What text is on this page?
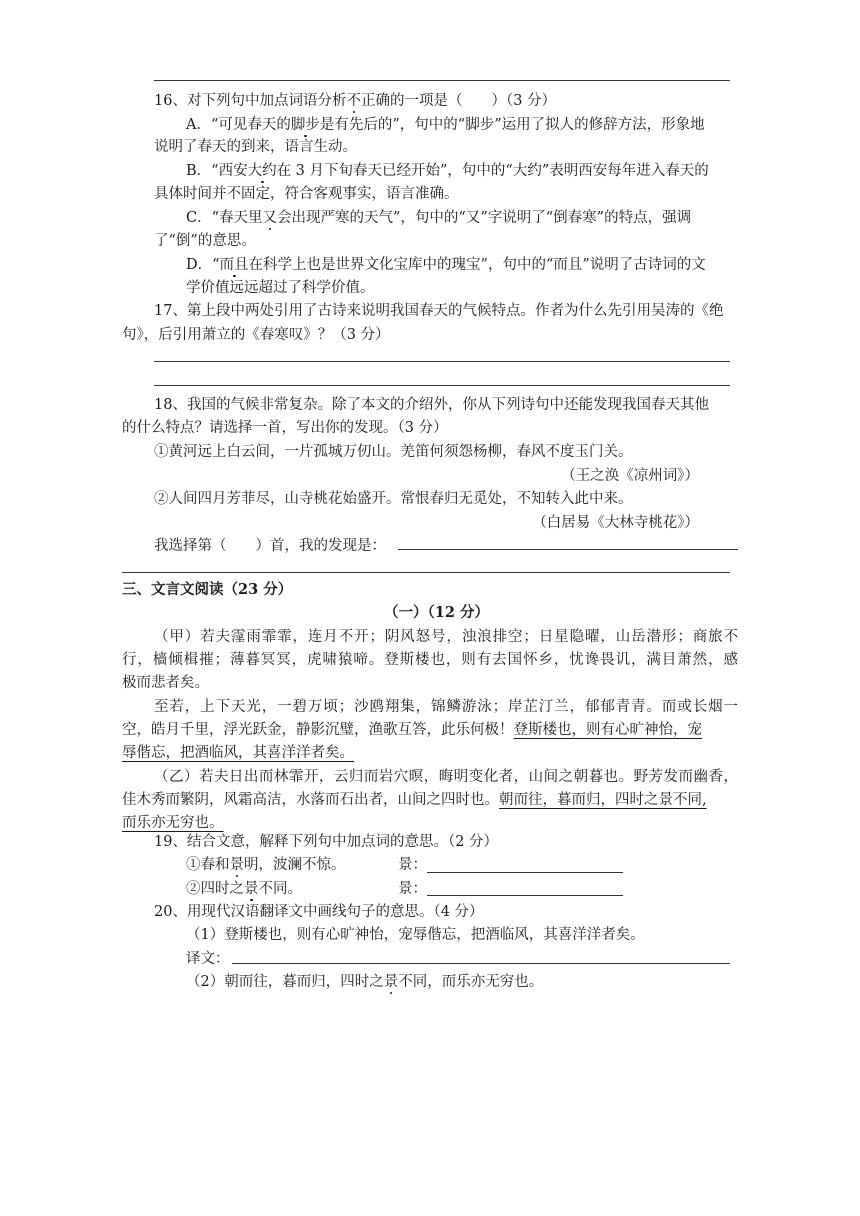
16、对下列句中加点词语分析不正确的一项是（　　）（3 分）
A．“可见春天的脚步是有先后的”，句中的“脚步”运用了拟人的修辞方法，形象地
说明了春天的到来，语言生动。
B．“西安大约在 3 月下旬春天已经开始”，句中的“大约”表明西安每年进入春天的
具体时间并不固定，符合客观事实，语言准确。
C．“春天里又会出现严寒的天气”，句中的“又”字说明了“倒春寒”的特点，强调
了“倒”的意思。
D．“而且在科学上也是世界文化宝库中的瑰宝”，句中的“而且”说明了古诗词的文
学价值远远超过了科学价值。
17、第上段中两处引用了古诗来说明我国春天的气候特点。作者为什么先引用吴涛的《绝
句》，后引用萧立的《春寒叹》？（3 分）
18、我国的气候非常复杂。除了本文的介绍外，你从下列诗句中还能发现我国春天其他
的什么特点？请选择一首，写出你的发现。（3 分）
①黄河远上白云间，一片孤城万仞山。羌笛何须怨杨柳，春风不度玉门关。
（王之涣《凉州词》）
②人间四月芳菲尽，山寺桃花始盛开。常恨春归无觅处，不知转入此中来。
（白居易《大林寺桃花》）
我选择第（　　）首，我的发现是：
三、文言文阅读（23 分）
（一）（12 分）
（甲）若夫霪雨霏霏，连月不开；阴风怒号，浊浪排空；日星隐曜，山岳潜形；商旅不
行，樯倾楫摧；薄暮冥冥，虎啸猿啼。登斯楼也，则有去国怀乡，忧谗畏讥，满目萧然，感
极而悲者矣。
至若，上下天光，一碧万顷；沙鸥翔集，锦鳞游泳；岸芷汀兰，郁郁青青。而或长烟一
空，皓月千里，浮光跃金，静影沉璧，渔歌互答，此乐何极！登斯楼也，则有心旷神怡，宠
辱偕忘，把酒临风，其喜洋洋者矣。
（乙）若夫日出而林霏开，云归而岩穴暝，晦明变化者，山间之朝暮也。野芳发而幽香，
佳木秀而繁阴，风霜高洁，水落而石出者，山间之四时也。朝而往，暮而归，四时之景不同,
而乐亦无穷也。
19、结合文意，解释下列句中加点词的意思。（2 分）
①春和景明，波澜不惊。	景：
②四时之景不同。	景：
20、用现代汉语翻译文中画线句子的意思。（4 分）
（1）登斯楼也，则有心旷神怡，宠辱偕忘，把酒临风，其喜洋洋者矣。
译文：
（2）朝而往，暮而归，四时之景不同，而乐亦无穷也。
